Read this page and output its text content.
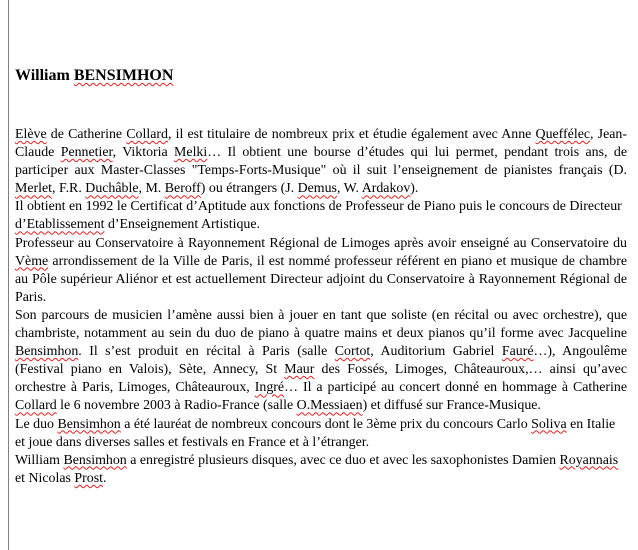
William BENSIMHON

Elève de Catherine Collard, il est titulaire de nombreux prix et étudie également avec Anne Queffélec, Jean-Claude Pennetier, Viktoria Melki… Il obtient une bourse d’études qui lui permet, pendant trois ans, de participer aux Master-Classes "Temps-Forts-Musique" où il suit l’enseignement de pianistes français (D. Merlet, F.R. Duchâble, M. Beroff) ou étrangers (J. Demus, W. Ardakov).

Il obtient en 1992 le Certificat d’Aptitude aux fonctions de Professeur de Piano puis le concours de Directeur d’Etablissement d’Enseignement Artistique.

Professeur au Conservatoire à Rayonnement Régional de Limoges après avoir enseigné au Conservatoire du Vème arrondissement de la Ville de Paris, il est nommé professeur référent en piano et musique de chambre au Pôle supérieur Aliénor et est actuellement Directeur adjoint du Conservatoire à Rayonnement Régional de Paris.

Son parcours de musicien l’amène aussi bien à jouer en tant que soliste (en récital ou avec orchestre), que chambriste, notamment au sein du duo de piano à quatre mains et deux pianos qu’il forme avec Jacqueline Bensimhon. Il s’est produit en récital à Paris (salle Cortot, Auditorium Gabriel Fauré…), Angoulême (Festival piano en Valois), Sète, Annecy, St Maur des Fossés, Limoges, Châteauroux,… ainsi qu’avec orchestre à Paris, Limoges, Châteauroux, Ingré… Il a participé au concert donné en hommage à Catherine Collard le 6 novembre 2003 à Radio-France (salle O.Messiaen) et diffusé sur France-Musique.

Le duo Bensimhon a été lauréat de nombreux concours dont le 3ème prix du concours Carlo Soliva en Italie et joue dans diverses salles et festivals en France et à l’étranger.

William Bensimhon a enregistré plusieurs disques, avec ce duo et avec les saxophonistes Damien Royannais et Nicolas Prost.
